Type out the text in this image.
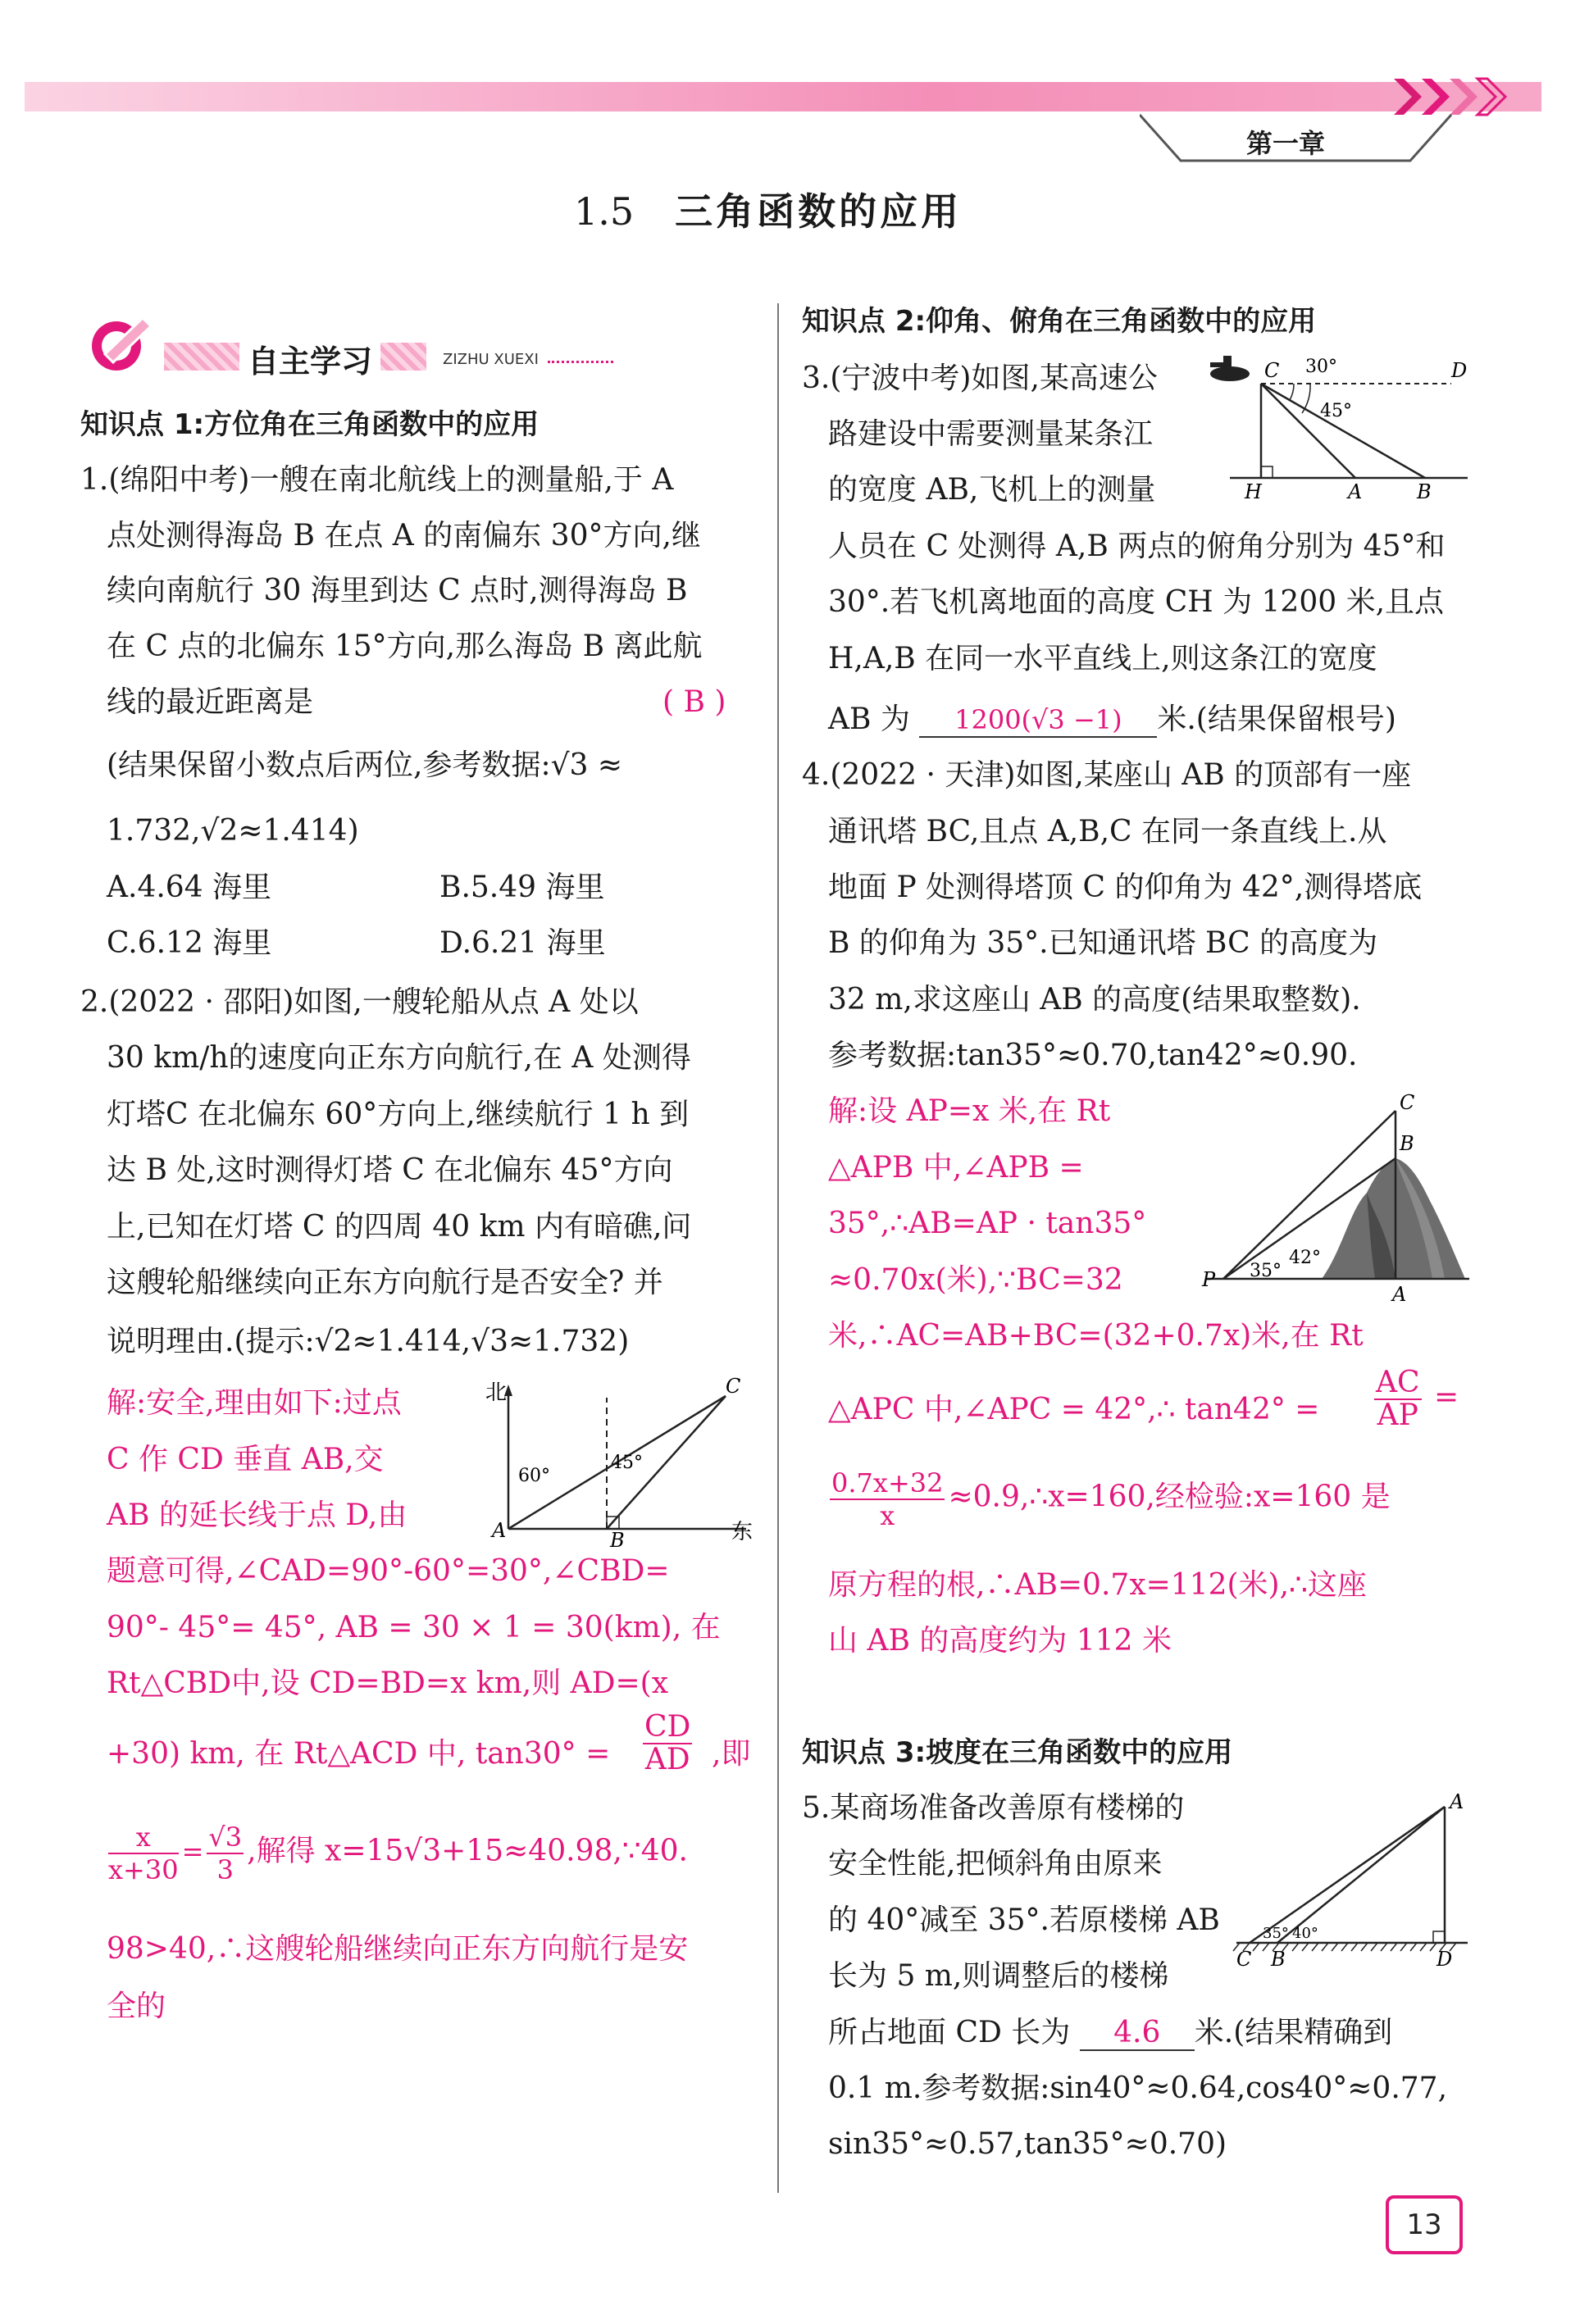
第一章
1.5 三角函数的应用
自主学习	ZIZHU XUEXI
知识点 1:方位角在三角函数中的应用
1.(绵阳中考)一艘在南北航线上的测量船,于 A
点处测得海岛 B 在点 A 的南偏东 30°方向,继
续向南航行 30 海里到达 C 点时,测得海岛 B
在 C 点的北偏东 15°方向,那么海岛 B 离此航
线的最近距离是	( B )
(结果保留小数点后两位,参考数据:√3 ≈
1.732,√2≈1.414)
A.4.64 海里	B.5.49 海里
C.6.12 海里	D.6.21 海里
2.(2022 · 邵阳)如图,一艘轮船从点 A 处以
30 km/h的速度向正东方向航行,在 A 处测得
灯塔C 在北偏东 60°方向上,继续航行 1 h 到
达 B 处,这时测得灯塔 C 在北偏东 45°方向
上,已知在灯塔 C 的四周 40 km 内有暗礁,问
这艘轮船继续向正东方向航行是否安全? 并
说明理由.(提示:√2≈1.414,√3≈1.732)
解:安全,理由如下:过点
C 作 CD 垂直 AB,交
AB 的延长线于点 D,由
题意可得,∠CAD=90°-60°=30°,∠CBD=
90°- 45°= 45°, AB = 30 × 1 = 30(km), 在
Rt△CBD中,设 CD=BD=x km,则 AD=(x
+30) km, 在 Rt△ACD 中, $\tan 30^\circ = \frac{CD}{AD}$ ,即
$\frac{x}{x+30} = \frac{√3}{3}$ ,解得 x=15√3+15≈40.98,∵40.
98>40,∴这艘轮船继续向正东方向航行是安
全的
北
东
A	B
C
60°
45°
知识点 2:仰角、俯角在三角函数中的应用
3.(宁波中考)如图,某高速公
路建设中需要测量某条江
的宽度 AB,飞机上的测量
人员在 C 处测得 A,B 两点的俯角分别为 45°和
30°.若飞机离地面的高度 CH 为 1200 米,且点
H,A,B 在同一水平直线上,则这条江的宽度
AB 为 1200(√3 −1) 米.(结果保留根号)
C	D
H	A	B
30°
45°
4.(2022 · 天津)如图,某座山 AB 的顶部有一座
通讯塔 BC,且点 A,B,C 在同一条直线上.从
地面 P 处测得塔顶 C 的仰角为 42°,测得塔底
B 的仰角为 35°.已知通讯塔 BC 的高度为
32 m,求这座山 AB 的高度(结果取整数).
参考数据:tan35°≈0.70,tan42°≈0.90.
解:设 AP=x 米,在 Rt
△APB 中,∠APB =
35°,∴AB=AP · tan35°
≈0.70x(米),∵BC=32
米,∴AC=AB+BC=(32+0.7x)米,在 Rt
△APC 中,∠APC = 42°,∴ $\tan 42^\circ = \frac{AC}{AP}$ =
$\frac{0.7x+32}{x}$ ≈0.9,∴x=160,经检验:x=160 是
原方程的根,∴AB=0.7x=112(米),∴这座
山 AB 的高度约为 112 米
C
B
P
A
35°
42°
知识点 3:坡度在三角函数中的应用
5.某商场准备改善原有楼梯的
安全性能,把倾斜角由原来
的 40°减至 35°.若原楼梯 AB
长为 5 m,则调整后的楼梯
所占地面 CD 长为 4.6 米.(结果精确到
0.1 m.参考数据:sin40°≈0.64,cos40°≈0.77,
sin35°≈0.57,tan35°≈0.70)
A
C B	D
35° 40°
13
